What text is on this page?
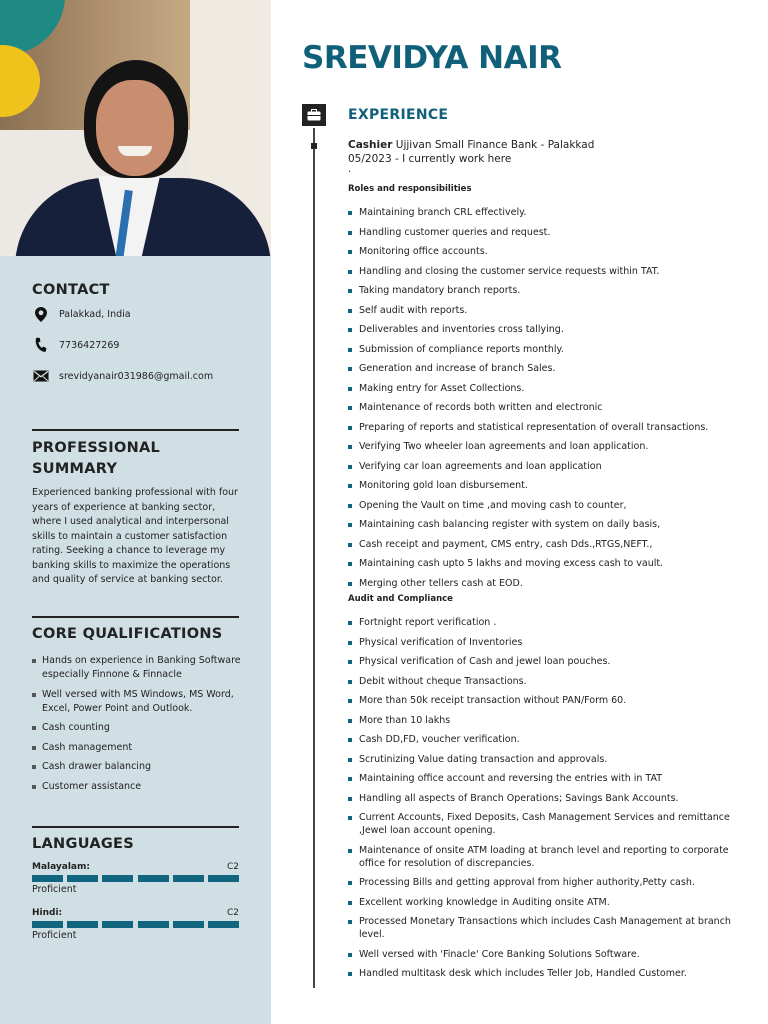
CONTACT
Palakkad, India
7736427269
srevidyanair031986@gmail.com
PROFESSIONAL SUMMARY
Experienced banking professional with four years of experience at banking sector, where I used analytical and interpersonal skills to maintain a customer satisfaction rating. Seeking a chance to leverage my banking skills to maximize the operations and quality of service at banking sector.
CORE QUALIFICATIONS
Hands on experience in Banking Software especially Finnone & Finnacle
Well versed with MS Windows, MS Word, Excel, Power Point and Outlook.
Cash counting
Cash management
Cash drawer balancing
Customer assistance
LANGUAGES
Malayalam:	C2
Proficient
Hindi:	C2
Proficient
SREVIDYA NAIR
EXPERIENCE
Cashier Ujjivan Small Finance Bank - Palakkad
05/2023 - I currently work here
.
Roles and responsibilities
Maintaining branch CRL effectively.
Handling customer queries and request.
Monitoring office accounts.
Handling and closing the customer service requests within TAT.
Taking mandatory branch reports.
Self audit with reports.
Deliverables and inventories cross tallying.
Submission of compliance reports monthly.
Generation and increase of branch Sales.
Making entry for Asset Collections.
Maintenance of records both written and electronic
Preparing of reports and statistical representation of overall transactions.
Verifying Two wheeler loan agreements and loan application.
Verifying car loan agreements and loan application
Monitoring gold loan disbursement.
Opening the Vault on time ,and moving cash to counter,
Maintaining cash balancing register with system on daily basis,
Cash receipt and payment, CMS entry, cash Dds.,RTGS,NEFT.,
Maintaining cash upto 5 lakhs and moving excess cash to vault.
Merging other tellers cash at EOD.
Audit and Compliance
Fortnight report verification .
Physical verification of Inventories
Physical verification of Cash and jewel loan pouches.
Debit without cheque Transactions.
More than 50k receipt transaction without PAN/Form 60.
More than 10 lakhs
Cash DD,FD, voucher verification.
Scrutinizing Value dating transaction and approvals.
Maintaining office account and reversing the entries with in TAT
Handling all aspects of Branch Operations; Savings Bank Accounts.
Current Accounts, Fixed Deposits, Cash Management Services and remittance ,Jewel loan account opening.
Maintenance of onsite ATM loading at branch level and reporting to corporate office for resolution of discrepancies.
Processing Bills and getting approval from higher authority,Petty cash.
Excellent working knowledge in Auditing onsite ATM.
Processed Monetary Transactions which includes Cash Management at branch level.
Well versed with 'Finacle' Core Banking Solutions Software.
Handled multitask desk which includes Teller Job, Handled Customer.
